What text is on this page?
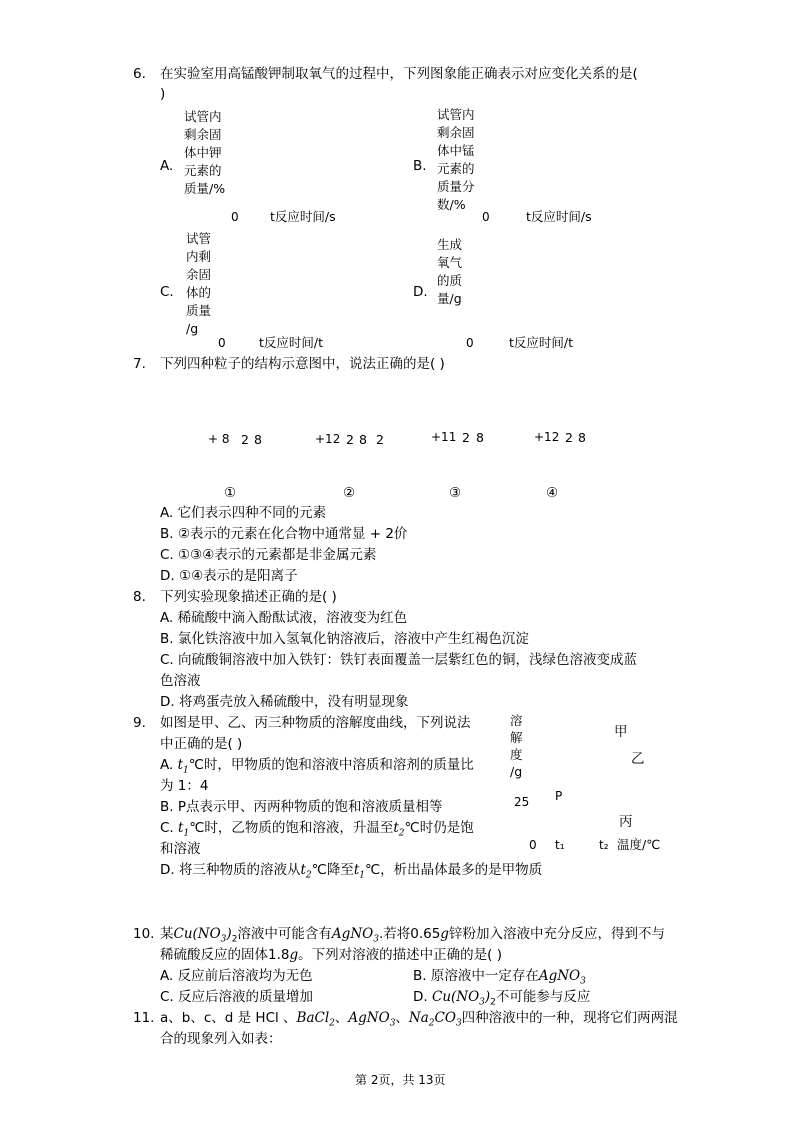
6. 在实验室用高锰酸钾制取氧气的过程中，下列图象能正确表示对应变化关系的是(
)
A.
试管内
剩余固
体中钾
元素的
质量/%
0	t反应时间/s
B.
试管内
剩余固
体中锰
元素的
质量分
数/%
0	t反应时间/s
C.
试管
内剩
余固
体的
质量
/g
0	t反应时间/t
D.
生成
氧气
的质
量/g
0	t反应时间/t
7. 下列四种粒子的结构示意图中，说法正确的是( )
+ 8 2 8
①
+12 2 8 2
②
+11 2 8
③
+12 2 8
④
A. 它们表示四种不同的元素
B. ②表示的元素在化合物中通常显 + 2价
C. ①③④表示的元素都是非金属元素
D. ①④表示的是阳离子
8. 下列实验现象描述正确的是( )
A. 稀硫酸中滴入酚酞试液，溶液变为红色
B. 氯化铁溶液中加入氢氧化钠溶液后，溶液中产生红褐色沉淀
C. 向硫酸铜溶液中加入铁钉：铁钉表面覆盖一层紫红色的铜，浅绿色溶液变成蓝
色溶液
D. 将鸡蛋壳放入稀硫酸中，没有明显现象
9. 如图是甲、乙、丙三种物质的溶解度曲线，下列说法
中正确的是( )
A. $t_1℃$时，甲物质的饱和溶液中溶质和溶剂的质量比
为 1：4
B. P点表示甲、丙两种物质的饱和溶液质量相等
C. $t_1℃$时，乙物质的饱和溶液，升温至$t_2℃$时仍是饱
和溶液
D. 将三种物质的溶液从$t_2℃$降至$t_1℃$，析出晶体最多的是甲物质
溶
解
度
/g
25
0 t₁	t₂ 温度/℃
P
甲
乙
丙
10. 某$Cu(NO_3)_2$溶液中可能含有AgNO$_3$.若将0.65g锌粉加入溶液中充分反应，得到不与
稀硫酸反应的固体1.8g。下列对溶液的描述中正确的是( )
A. 反应前后溶液均为无色	B. 原溶液中一定存在AgNO$_3$
C. 反应后溶液的质量增加	D. $Cu(NO_3)_2$不可能参与反应
11. a、b、c、d 是 HCl 、BaCl$_2$、AgNO$_3$、$Na_2CO_3$四种溶液中的一种，现将它们两两混
合的现象列入如表：
第 2页，共 13页
